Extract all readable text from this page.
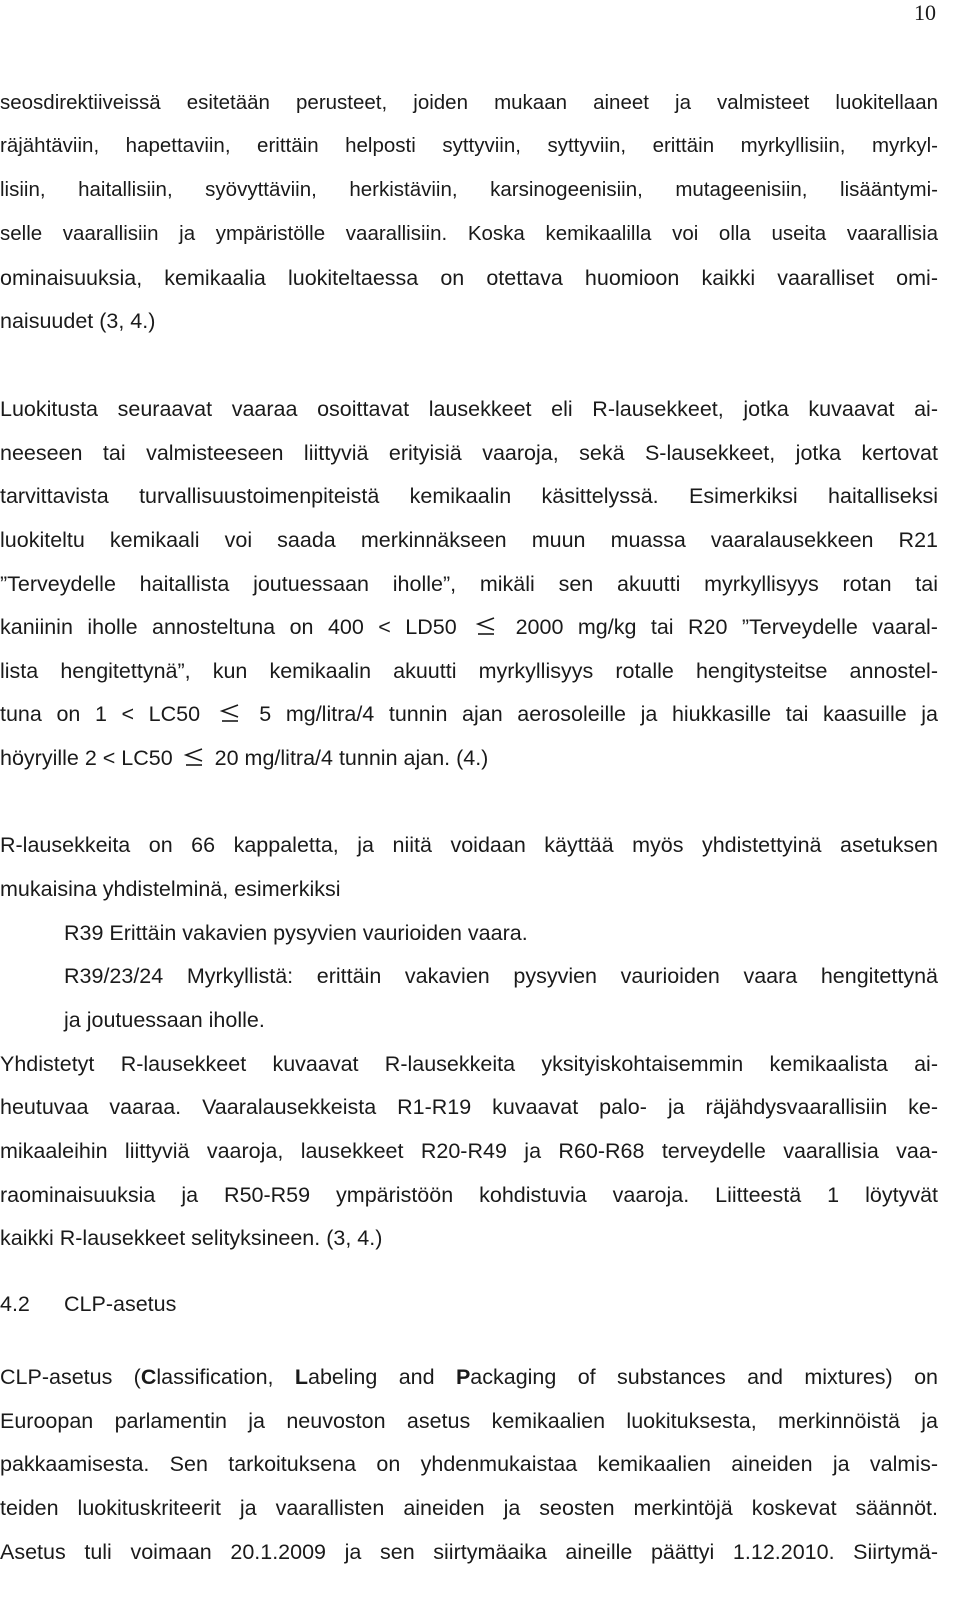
10
seosdirektiiveissä esitetään perusteet, joiden mukaan aineet ja valmisteet luokitellaan
räjähtäviin, hapettaviin, erittäin helposti syttyviin, syttyviin, erittäin myrkyllisiin, myrkyl-
lisiin, haitallisiin, syövyttäviin, herkistäviin, karsinogeenisiin, mutageenisiin, lisääntymi-
selle vaarallisiin ja ympäristölle vaarallisiin. Koska kemikaalilla voi olla useita vaarallisia
ominaisuuksia, kemikaalia luokiteltaessa on otettava huomioon kaikki vaaralliset omi-
naisuudet (3, 4.)
Luokitusta seuraavat vaaraa osoittavat lausekkeet eli R-lausekkeet, jotka kuvaavat ai-
neeseen tai valmisteeseen liittyviä erityisiä vaaroja, sekä S-lausekkeet, jotka kertovat
tarvittavista turvallisuustoimenpiteistä kemikaalin käsittelyssä. Esimerkiksi haitalliseksi
luokiteltu kemikaali voi saada merkinnäkseen muun muassa vaaralausekkeen R21
”Terveydelle haitallista joutuessaan iholle”, mikäli sen akuutti myrkyllisyys rotan tai
kaniinin iholle annosteltuna on 400 < LD50	2000 mg/kg tai R20 ”Terveydelle vaaral-
lista hengitettynä”, kun kemikaalin akuutti myrkyllisyys rotalle hengitysteitse annostel-
tuna on 1 < LC50	5 mg/litra/4 tunnin ajan aerosoleille ja hiukkasille tai kaasuille ja
höyryille 2 < LC50 20 mg/litra/4 tunnin ajan. (4.)
R-lausekkeita on 66 kappaletta, ja niitä voidaan käyttää myös yhdistettyinä asetuksen
mukaisina yhdistelminä, esimerkiksi
R39 Erittäin vakavien pysyvien vaurioiden vaara.
R39/23/24 Myrkyllistä: erittäin vakavien pysyvien vaurioiden vaara hengitettynä
ja joutuessaan iholle.
Yhdistetyt R-lausekkeet kuvaavat R-lausekkeita yksityiskohtaisemmin kemikaalista ai-
heutuvaa vaaraa. Vaaralausekkeista R1-R19 kuvaavat palo- ja räjähdysvaarallisiin ke-
mikaaleihin liittyviä vaaroja, lausekkeet R20-R49 ja R60-R68 terveydelle vaarallisia vaa-
raominaisuuksia ja R50-R59 ympäristöön kohdistuvia vaaroja. Liitteestä 1 löytyvät
kaikki R-lausekkeet selityksineen. (3, 4.)
4.2 CLP-asetus
CLP-asetus (Classification, Labeling and Packaging of substances and mixtures) on
Euroopan parlamentin ja neuvoston asetus kemikaalien luokituksesta, merkinnöistä ja
pakkaamisesta. Sen tarkoituksena on yhdenmukaistaa kemikaalien aineiden ja valmis-
teiden luokituskriteerit ja vaarallisten aineiden ja seosten merkintöjä koskevat säännöt.
Asetus tuli voimaan 20.1.2009 ja sen siirtymäaika aineille päättyi 1.12.2010. Siirtymä-
